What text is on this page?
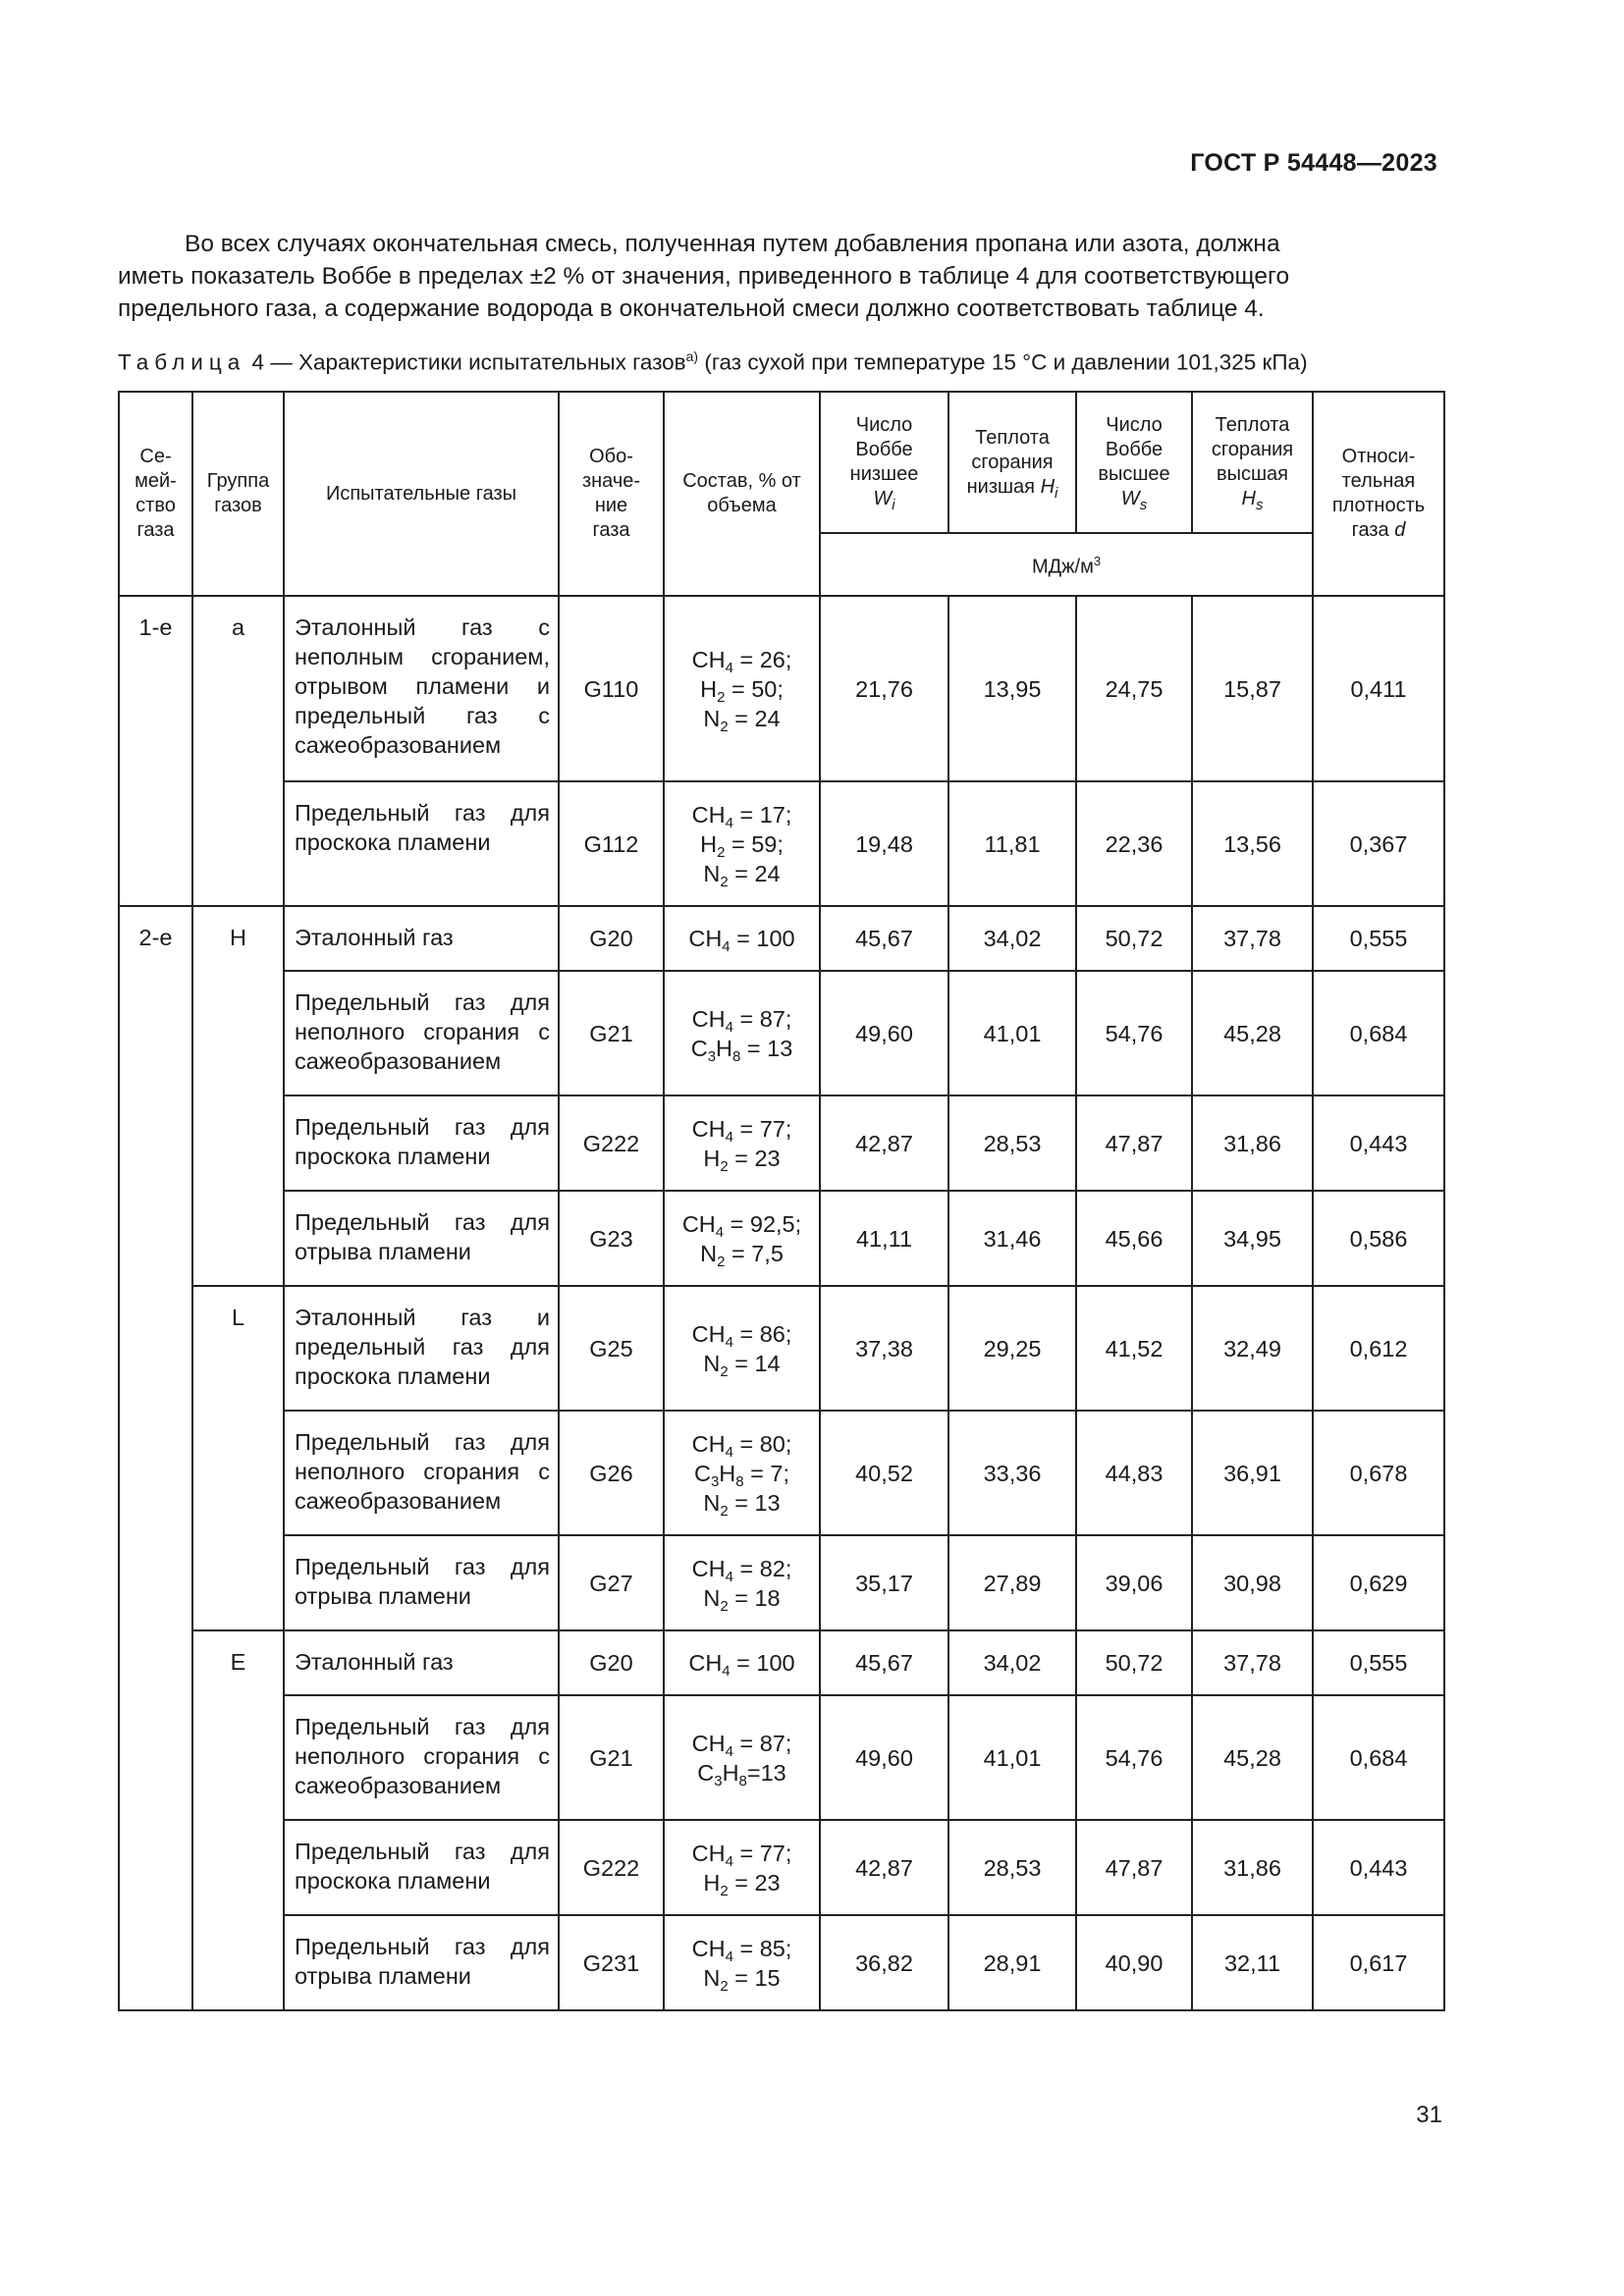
ГОСТ Р 54448—2023
Во всех случаях окончательная смесь, полученная путем добавления пропана или азота, должна
иметь показатель Воббе в пределах ±2 % от значения, приведенного в таблице 4 для соответствующего
предельного газа, а содержание водорода в окончательной смеси должно соответствовать таблице 4.

Таблица 4 — Характеристики испытательных газов$^{а)}$ (газ сухой при температуре 15 °С и давлении 101,325 кПа)

Се-
мей-
ство
газа	Группа
газов	Испытательные газы	Обо-
значе-
ние
газа	Состав, % от
объема	Число
Воббе
низшее
$W_i$	Теплота
сгорания
низшая $H_i$	Число
Воббе
высшее
$W_s$	Теплота
сгорания
высшая
$H_s$	Относи-
тельная
плотность
газа d
					МДж/$м^3$
1-е	a	Эталонный газ с неполным сгоранием, отрывом пламени и предельный газ с сажеобразованием	G110	$CH_4 = 26$;
$H_2 = 50$;
$N_2 = 24$	21,76	13,95	24,75	15,87	0,411
		Предельный газ для проскока пламени	G112	$CH_4 = 17$;
$H_2 = 59$;
$N_2 = 24$	19,48	11,81	22,36	13,56	0,367
2-е	H	Эталонный газ	G20	$CH_4 = 100$	45,67	34,02	50,72	37,78	0,555
		Предельный газ для неполного сгорания с сажеобразованием	G21	$CH_4 = 87$;
$C_3H_8 = 13$	49,60	41,01	54,76	45,28	0,684
		Предельный газ для проскока пламени	G222	$CH_4 = 77$;
$H_2 = 23$	42,87	28,53	47,87	31,86	0,443
		Предельный газ для отрыва пламени	G23	$CH_4 = 92,5$;
$N_2 = 7,5$	41,11	31,46	45,66	34,95	0,586
	L	Эталонный газ и предельный газ для проскока пламени	G25	$CH_4 = 86$;
$N_2 = 14$	37,38	29,25	41,52	32,49	0,612
		Предельный газ для неполного сгорания с сажеобразованием	G26	$CH_4 = 80$;
$C_3H_8 = 7$;
$N_2 = 13$	40,52	33,36	44,83	36,91	0,678
		Предельный газ для отрыва пламени	G27	$CH_4 = 82$;
$N_2 = 18$	35,17	27,89	39,06	30,98	0,629
	E	Эталонный газ	G20	$CH_4 = 100$	45,67	34,02	50,72	37,78	0,555
		Предельный газ для неполного сгорания с сажеобразованием	G21	$CH_4 = 87$;
$C_3H_8=13$	49,60	41,01	54,76	45,28	0,684
		Предельный газ для проскока пламени	G222	$CH_4 = 77$;
$H_2 = 23$	42,87	28,53	47,87	31,86	0,443
		Предельный газ для отрыва пламени	G231	$CH_4 = 85$;
$N_2 = 15$	36,82	28,91	40,90	32,11	0,617
31
